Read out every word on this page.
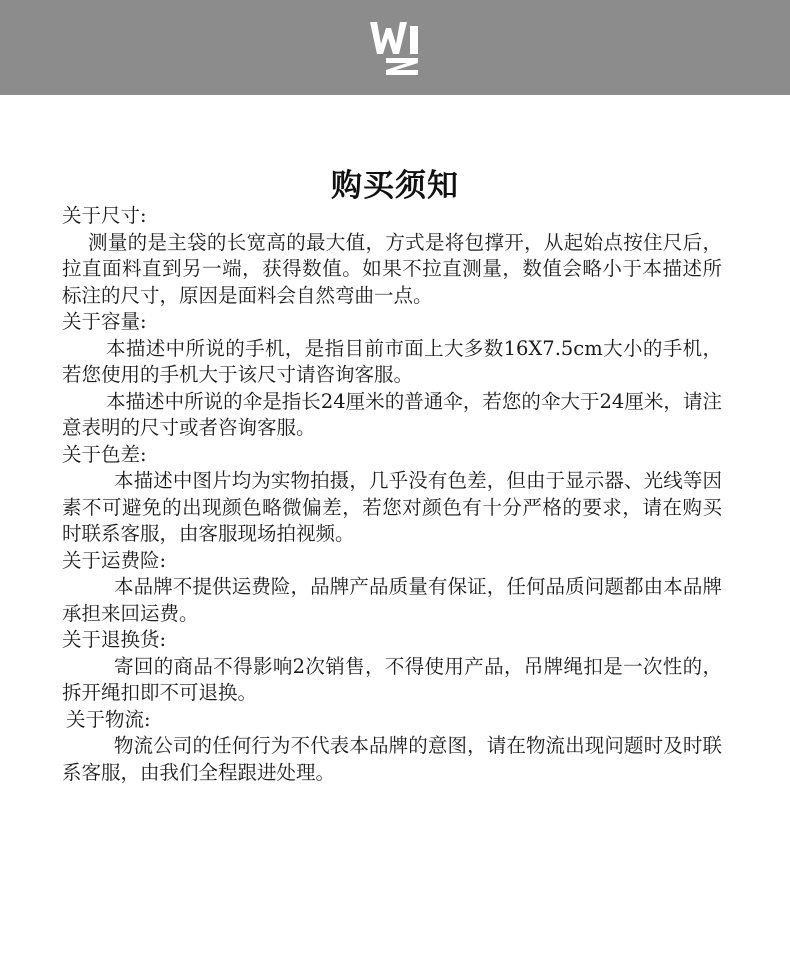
购买须知

关于尺寸:

测量的是主袋的长宽高的最大值，方式是将包撑开，从起始点按住尺后，拉直面料直到另一端，获得数值。如果不拉直测量，数值会略小于本描述所标注的尺寸，原因是面料会自然弯曲一点。

关于容量:

本描述中所说的手机，是指目前市面上大多数16X7.5cm大小的手机，若您使用的手机大于该尺寸请咨询客服。

本描述中所说的伞是指长24厘米的普通伞，若您的伞大于24厘米，请注意表明的尺寸或者咨询客服。

关于色差:

本描述中图片均为实物拍摄，几乎没有色差，但由于显示器、光线等因素不可避免的出现颜色略微偏差，若您对颜色有十分严格的要求，请在购买时联系客服，由客服现场拍视频。

关于运费险:

本品牌不提供运费险，品牌产品质量有保证，任何品质问题都由本品牌承担来回运费。

关于退换货:

寄回的商品不得影响2次销售，不得使用产品，吊牌绳扣是一次性的，拆开绳扣即不可退换。

关于物流:

物流公司的任何行为不代表本品牌的意图，请在物流出现问题时及时联系客服，由我们全程跟进处理。
